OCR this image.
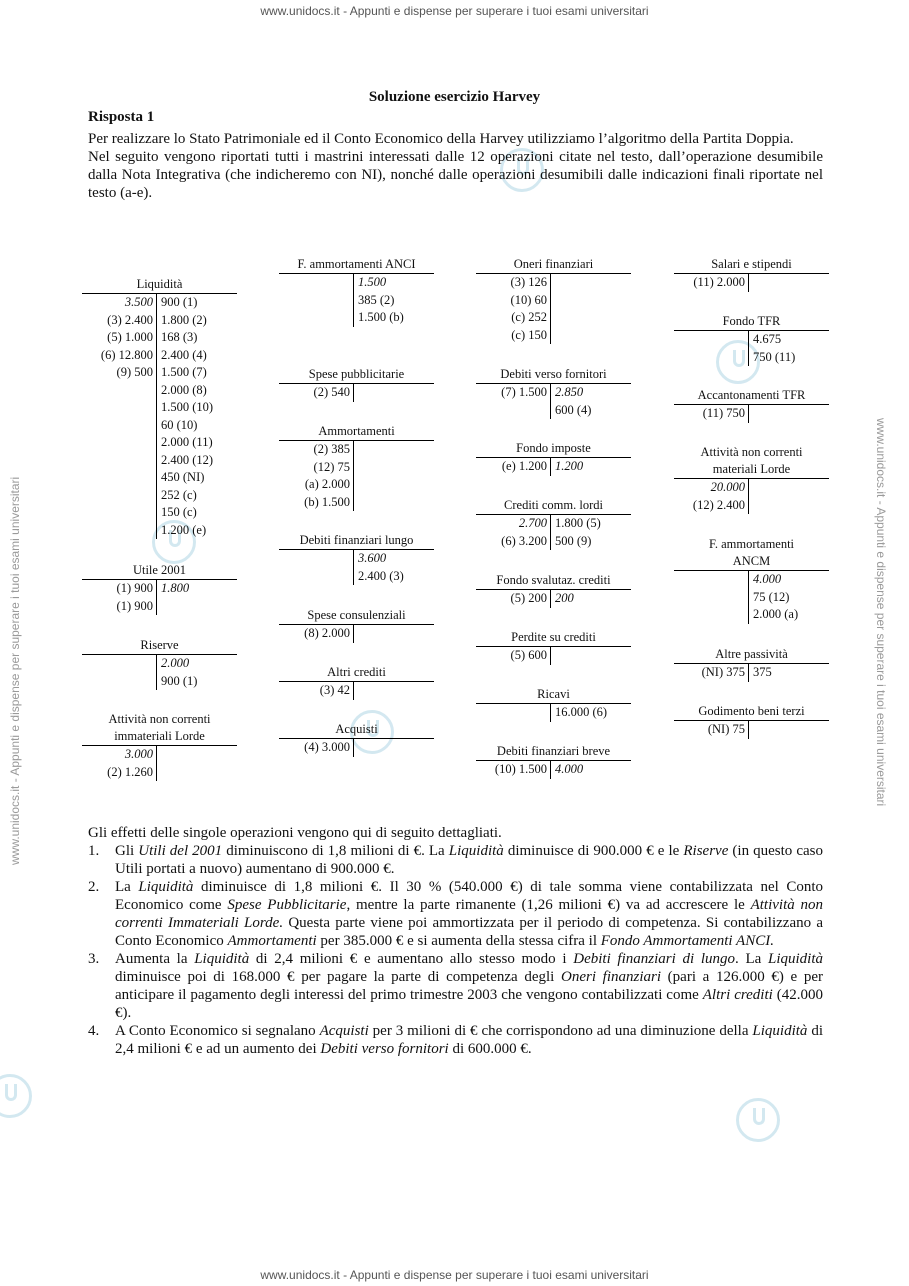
www.unidocs.it - Appunti e dispense per superare i tuoi esami universitari
www.unidocs.it - Appunti e dispense per superare i tuoi esami universitari
www.unidocs.it - Appunti e dispense per superare i tuoi esami universitari	www.unidocs.it - Appunti e dispense per superare i tuoi esami universitari
Soluzione esercizio Harvey
Risposta 1

Per realizzare lo Stato Patrimoniale ed il Conto Economico della Harvey utilizziamo l’algoritmo della Partita Doppia.

Nel seguito vengono riportati tutti i mastrini interessati dalle 12 operazioni citate nel testo, dall’operazione desumibile dalla Nota Integrativa (che indicheremo con NI), nonché dalle operazioni desumibili dalle indicazioni finali riportate nel testo (a-e).

Liquidità
3.500
(3) 2.400
(5) 1.000
(6) 12.800
(9) 500
900 (1)
1.800 (2)
168 (3)
2.400 (4)
1.500 (7)
2.000 (8)
1.500 (10)
60 (10)
2.000 (11)
2.400 (12)
450 (NI)
252 (c)
150 (c)
1.200 (e)
Utile 2001
(1) 900
(1) 900
1.800
Riserve
2.000
900 (1)
Attività non correnti immateriali Lorde
3.000
(2) 1.260
F. ammortamenti ANCI
1.500
385 (2)
1.500 (b)
Spese pubblicitarie
(2) 540
Ammortamenti
(2) 385
(12) 75
(a) 2.000
(b) 1.500
Debiti finanziari lungo
3.600
2.400 (3)
Spese consulenziali
(8) 2.000
Altri crediti
(3) 42
Acquisti
(4) 3.000
Oneri finanziari
(3) 126
(10) 60
(c) 252
(c) 150
Debiti verso fornitori
(7) 1.500 2.850
600 (4)
Fondo imposte
(e) 1.200 1.200
Crediti comm. lordi
2.700
(6) 3.200
1.800 (5)
500 (9)
Fondo svalutaz. crediti
(5) 200 200
Perdite su crediti
(5) 600
Ricavi
16.000 (6)
Debiti finanziari breve
(10) 1.500 4.000
Salari e stipendi
(11) 2.000
Fondo TFR
4.675
750 (11)
Accantonamenti TFR
(11) 750
Attività non correnti materiali Lorde
20.000
(12) 2.400
F. ammortamenti ANCM
4.000
75 (12)
2.000 (a)
Altre passività
(NI) 375 375
Godimento beni terzi
(NI) 75

Gli effetti delle singole operazioni vengono qui di seguito dettagliati.

1. Gli Utili del 2001 diminuiscono di 1,8 milioni di €. La Liquidità diminuisce di 900.000 € e le Riserve (in questo caso Utili portati a nuovo) aumentano di 900.000 €.
2. La Liquidità diminuisce di 1,8 milioni €. Il 30 % (540.000 €) di tale somma viene contabilizzata nel Conto Economico come Spese Pubblicitarie, mentre la parte rimanente (1,26 milioni €) va ad accrescere le Attività non correnti Immateriali Lorde. Questa parte viene poi ammortizzata per il periodo di competenza. Si contabilizzano a Conto Economico Ammortamenti per 385.000 € e si aumenta della stessa cifra il Fondo Ammortamenti ANCI.
3. Aumenta la Liquidità di 2,4 milioni € e aumentano allo stesso modo i Debiti finanziari di lungo. La Liquidità diminuisce poi di 168.000 € per pagare la parte di competenza degli Oneri finanziari (pari a 126.000 €) e per anticipare il pagamento degli interessi del primo trimestre 2003 che vengono contabilizzati come Altri crediti (42.000 €).
4. A Conto Economico si segnalano Acquisti per 3 milioni di € che corrispondono ad una diminuzione della Liquidità di 2,4 milioni € e ad un aumento dei Debiti verso fornitori di 600.000 €.
